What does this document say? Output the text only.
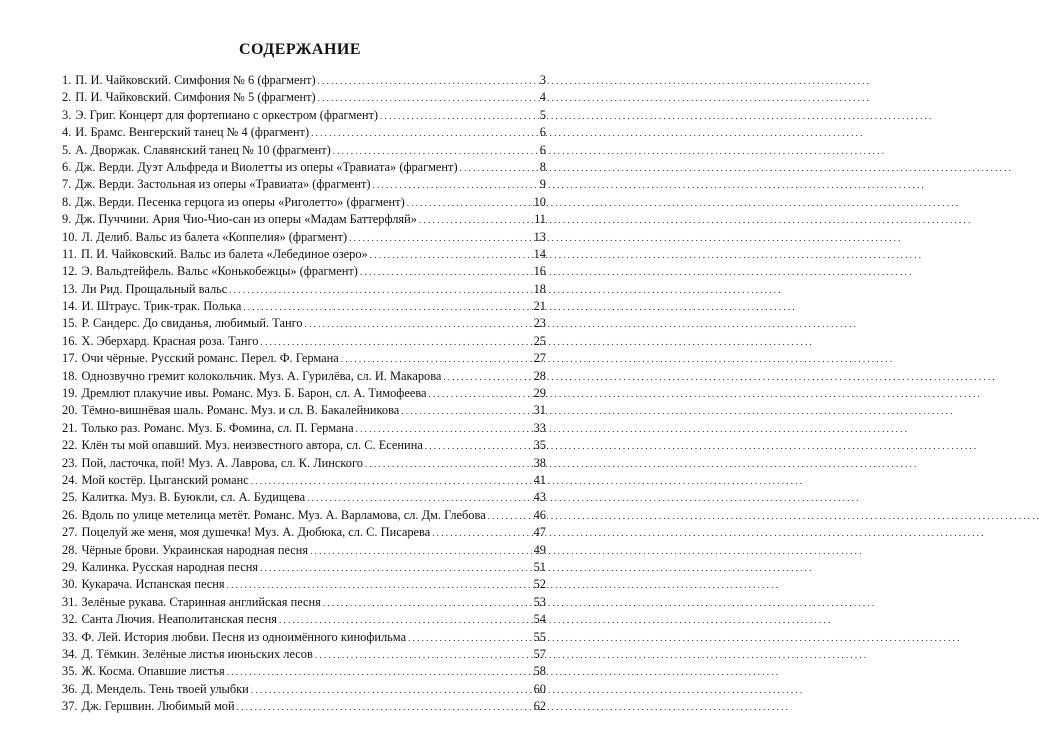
СОДЕРЖАНИЕ
1. П. И. Чайковский. Симфония № 6 (фрагмент) . . .	3
2. П. И. Чайковский. Симфония № 5 (фрагмент) . . .	4
3. Э. Григ. Концерт для фортепиано с оркестром (фрагмент) . . .	5
4. И. Брамс. Венгерский танец № 4 (фрагмент) . . .	6
5. А. Дворжак. Славянский танец № 10 (фрагмент) . . .	6
6. Дж. Верди. Дуэт Альфреда и Виолетты из оперы «Травиата» (фрагмент) . . .	8
7. Дж. Верди. Застольная из оперы «Травиата» (фрагмент) . . .	9
8. Дж. Верди. Песенка герцога из оперы «Риголетто» (фрагмент) . . .	10
9. Дж. Пуччини. Ария Чио-Чио-сан из оперы «Мадам Баттерфляй» . . .	11
10. Л. Делиб. Вальс из балета «Коппелия» (фрагмент) . . .	13
11. П. И. Чайковский. Вальс из балета «Лебединое озеро» . . .	14
12. Э. Вальдтейфель. Вальс «Конькобежцы» (фрагмент) . . .	16
13. Ли Рид. Прощальный вальс . . .	18
14. И. Штраус. Трик-трак. Полька . . .	21
15. Р. Сандерс. До свиданья, любимый. Танго . . .	23
16. X. Эберхард. Красная роза. Танго . . .	25
17. Очи чёрные. Русский романс. Перел. Ф. Германа . . .	27
18. Однозвучно гремит колокольчик. Муз. А. Гурилёва, сл. И. Макарова . . .	28
19. Дремлют плакучие ивы. Романс. Муз. Б. Барон, сл. А. Тимофеева . . .	29
20. Тёмно-вишнёвая шаль. Романс. Муз. и сл. В. Бакалейникова . . .	31
21. Только раз. Романс. Муз. Б. Фомина, сл. П. Германа . . .	33
22. Клён ты мой опавший. Муз. неизвестного автора, сл. С. Есенина . . .	35
23. Пой, ласточка, пой! Муз. А. Лаврова, сл. К. Линского . . .	38
24. Мой костёр. Цыганский романс . . .	41
25. Калитка. Муз. В. Буюкли, сл. А. Будищева . . .	43
26. Вдоль по улице метелица метёт. Романс. Муз. А. Варламова, сл. Дм. Глебова . . .	46
27. Поцелуй же меня, моя душечка! Муз. А. Дюбюка, сл. С. Писарева . . .	47
28. Чёрные брови. Украинская народная песня . . .	49
29. Калинка. Русская народная песня . . .	51
30. Кукарача. Испанская песня . . .	52
31. Зелёные рукава. Старинная английская песня . . .	53
32. Санта Лючия. Неаполитанская песня . . .	54
33. Ф. Лей. История любви. Песня из одноимённого кинофильма . . .	55
34. Д. Тёмкин. Зелёные листья июньских лесов . . .	57
35. Ж. Косма. Опавшие листья . . .	58
36. Д. Мендель. Тень твоей улыбки . . .	60
37. Дж. Гершвин. Любимый мой . . .	62
